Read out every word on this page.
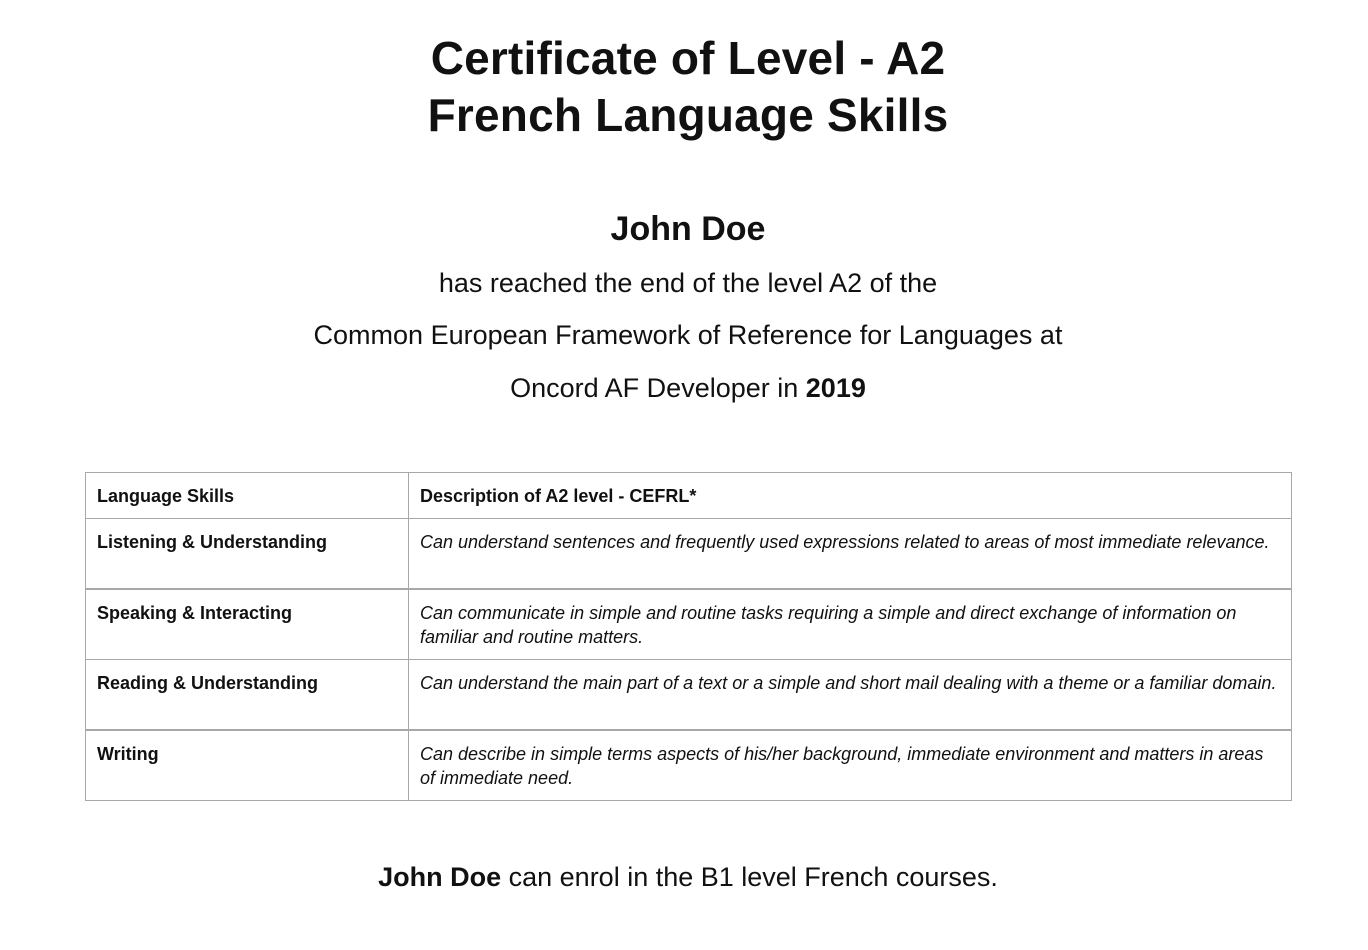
Certificate of Level - A2
French Language Skills
John Doe
has reached the end of the level A2 of the
Common European Framework of Reference for Languages at
Oncord AF Developer in 2019
Language Skills	Description of A2 level - CEFRL*
Listening & Understanding	Can understand sentences and frequently used expressions related to areas of most immediate relevance.
Speaking & Interacting	Can communicate in simple and routine tasks requiring a simple and direct exchange of information on familiar and routine matters.
Reading & Understanding	Can understand the main part of a text or a simple and short mail dealing with a theme or a familiar domain.
Writing	Can describe in simple terms aspects of his/her background, immediate environment and matters in areas of immediate need.
John Doe can enrol in the B1 level French courses.
